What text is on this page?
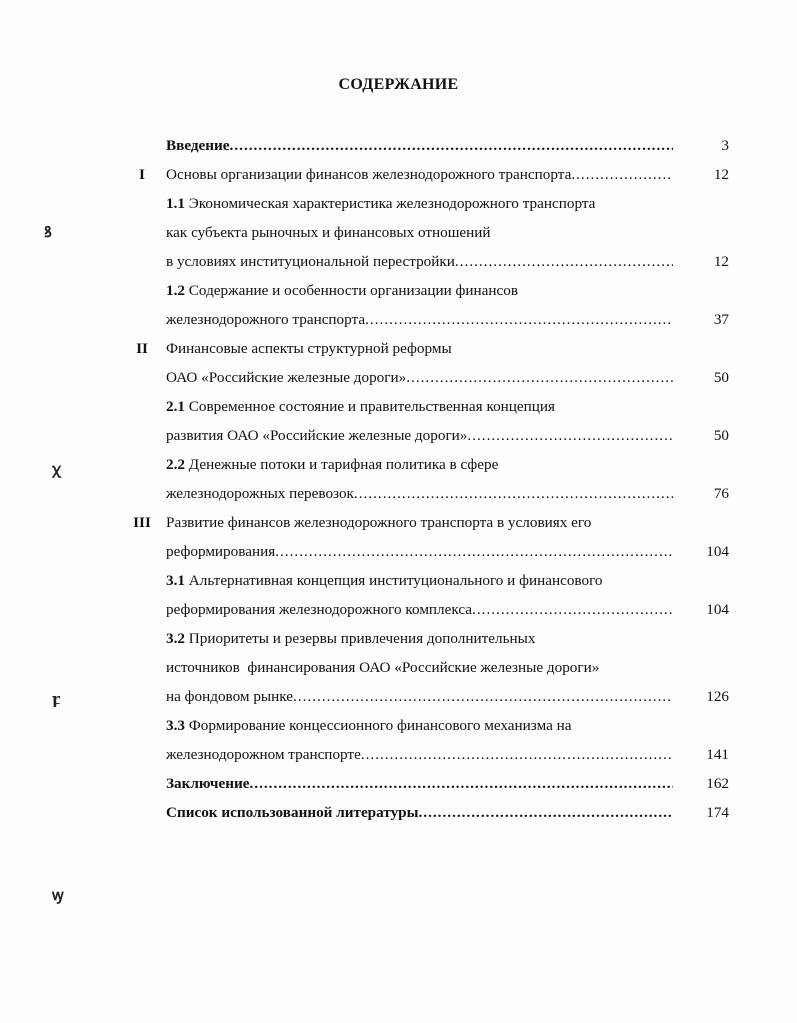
СОДЕРЖАНИЕ
3
Введение
.....
I	12
Основы организации финансов железнодорожного транспорта
.....
1.1 Экономическая характеристика железнодорожного транспорта
как субъекта рыночных и финансовых отношений
12
в условиях институциональной перестройки
.....
1.2 Содержание и особенности организации финансов
37
железнодорожного транспорта
.....
II	Финансовые аспекты структурной реформы
50
ОАО «Российские железные дороги»
.....
2.1 Современное состояние и правительственная концепция
50
развития ОАО «Российские железные дороги»
.....
2.2 Денежные потоки и тарифная политика в сфере
76
железнодорожных перевозок
.....
III Развитие финансов железнодорожного транспорта в условиях его
104
реформирования
.....
3.1 Альтернативная концепция институционального и финансового
104
реформирования железнодорожного комплекса
.....
3.2 Приоритеты и резервы привлечения дополнительных
источников  финансирования ОАО «Российские железные дороги»
126
на фондовом рынке
.....
3.3 Формирование концессионного финансового механизма на
141
железнодорожном транспорте
.....
162
Заключение
.....
174
Список использованной литературы
.....
ꝸ
ꭓ
ꝼ
ꝡ
